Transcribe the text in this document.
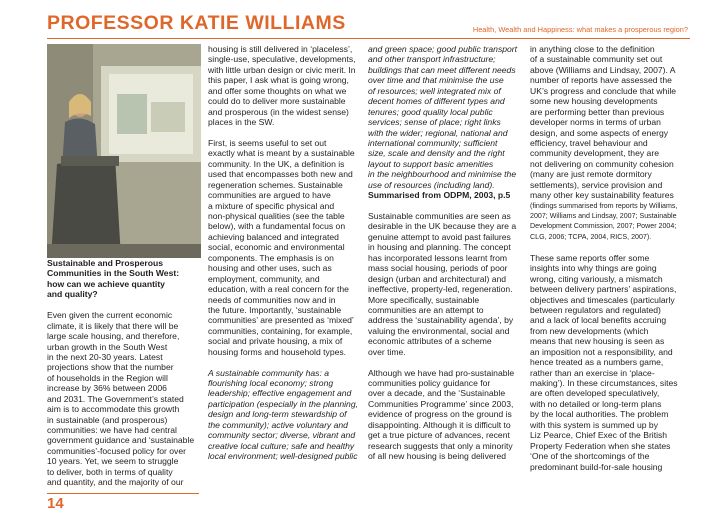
PROFESSOR KATIE WILLIAMS	Health, Wealth and Happiness: what makes a prosperous region?
Sustainable and Prosperous
Communities in the South West:
how can we achieve quantity
and quality?
Even given the current economic
climate, it is likely that there will be
large scale housing, and therefore,
urban growth in the South West
in the next 20-30 years. Latest
projections show that the number
of households in the Region will
increase by 36% between 2006
and 2031. The Government’s stated
aim is to accommodate this growth
in sustainable (and prosperous)
communities: we have had central
government guidance and ‘sustainable
communities’-focused policy for over
10 years. Yet, we seem to struggle
to deliver, both in terms of quality
and quantity, and the majority of our
housing is still delivered in ‘placeless’,
single-use, speculative, developments,
with little urban design or civic merit. In
this paper, I ask what is going wrong,
and offer some thoughts on what we
could do to deliver more sustainable
and prosperous (in the widest sense)
places in the SW.
First, is seems useful to set out
exactly what is meant by a sustainable
community. In the UK, a definition is
used that encompasses both new and
regeneration schemes. Sustainable
communities are argued to have
a mixture of specific physical and
non-physical qualities (see the table
below), with a fundamental focus on
achieving balanced and integrated
social, economic and environmental
components. The emphasis is on
housing and other uses, such as
employment, community, and
education, with a real concern for the
needs of communities now and in
the future. Importantly, ‘sustainable
communities’ are presented as ‘mixed’
communities, containing, for example,
social and private housing, a mix of
housing forms and household types.
A sustainable community has: a
flourishing local economy; strong
leadership; effective engagement and
participation (especially in the planning,
design and long-term stewardship of
the community); active voluntary and
community sector; diverse, vibrant and
creative local culture; safe and healthy
local environment; well-designed public
and green space; good public transport
and other transport infrastructure;
buildings that can meet different needs
over time and that minimise the use
of resources; well integrated mix of
decent homes of different types and
tenures; good quality local public
services; sense of place; right links
with the wider; regional, national and
international community; sufficient
size, scale and density and the right
layout to support basic amenities
in the neighbourhood and minimise the
use of resources (including land).
Summarised from ODPM, 2003, p.5
Sustainable communities are seen as
desirable in the UK because they are a
genuine attempt to avoid past failures
in housing and planning. The concept
has incorporated lessons learnt from
mass social housing, periods of poor
design (urban and architectural) and
ineffective, property-led, regeneration.
More specifically, sustainable
communities are an attempt to
address the ‘sustainability agenda’, by
valuing the environmental, social and
economic attributes of a scheme
over time.
Although we have had pro-sustainable
communities policy guidance for
over a decade, and the ‘Sustainable
Communities Programme’ since 2003,
evidence of progress on the ground is
disappointing. Although it is difficult to
get a true picture of advances, recent
research suggests that only a minority
of all new housing is being delivered
in anything close to the definition
of a sustainable community set out
above (Williams and Lindsay, 2007). A
number of reports have assessed the
UK’s progress and conclude that while
some new housing developments
are performing better than previous
developer norms in terms of urban
design, and some aspects of energy
efficiency, travel behaviour and
community development, they are
not delivering on community cohesion
(many are just remote dormitory
settlements), service provision and
many other key sustainability features
(findings summarised from reports by Williams,
2007; Williams and Lindsay, 2007; Sustainable
Development Commission, 2007; Power 2004;
CLG, 2006; TCPA, 2004, RICS, 2007).
These same reports offer some
insights into why things are going
wrong, citing variously, a mismatch
between delivery partners’ aspirations,
objectives and timescales (particularly
between regulators and regulated)
and a lack of local benefits accruing
from new developments (which
means that new housing is seen as
an imposition not a responsibility, and
hence treated as a numbers game,
rather than an exercise in ‘place-
making’). In these circumstances, sites
are often developed speculatively,
with no detailed or long-term plans
by the local authorities. The problem
with this system is summed up by
Liz Pearce, Chief Exec of the British
Property Federation when she states
‘One of the shortcomings of the
predominant build-for-sale housing
14
